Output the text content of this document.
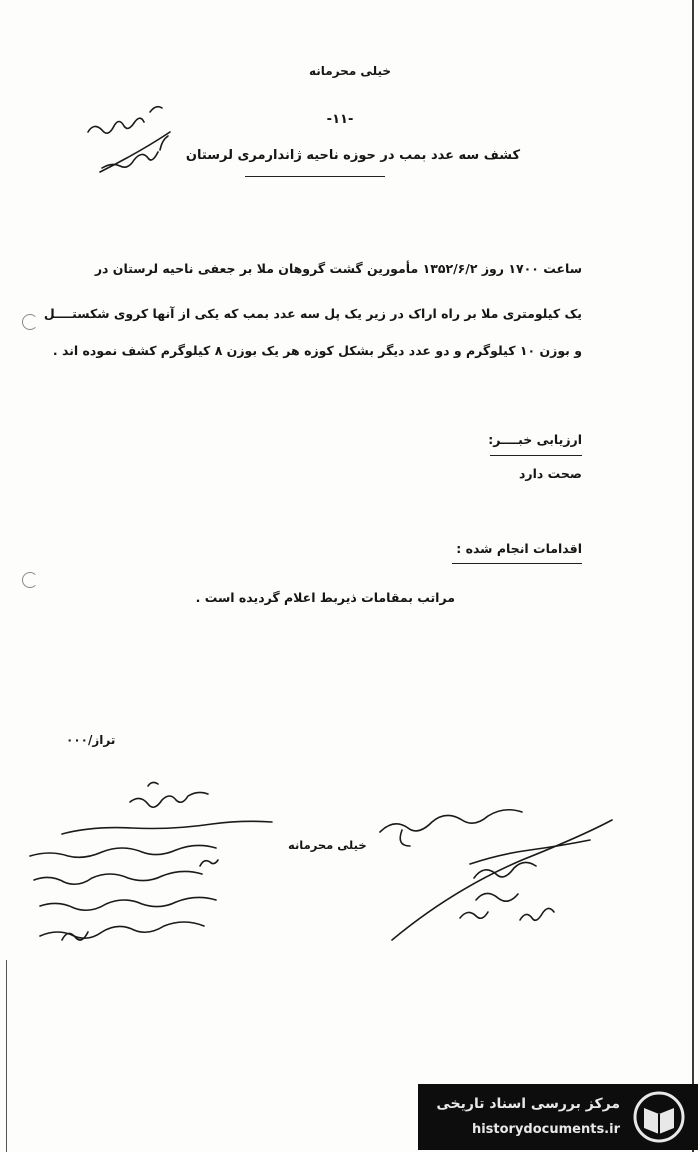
خیلی محرمانه
-۱۱-
کشف سه عدد بمب در حوزه ناحیه ژاندارمری لرستان
ساعت ۱۷۰۰ روز ۱۳۵۲/۶/۲ مأمورین گشت گروهان ملا بر جعفی ناحیه لرستان در
یک کیلومتری ملا بر راه اراک در زیر یک پل سه عدد بمب که یکی از آنها کروی شکستــــل
و بوزن ۱۰ کیلوگرم و دو عدد دیگر بشکل کوزه هر یک بوزن ۸ کیلوگرم کشف نموده اند .
ارزیابی خبــــر:
صحت دارد
اقدامات انجام شده :
مراتب بمقامات ذیربط اعلام گردیده است .
تراز/۰۰۰
خیلی محرمانه
مرکز بررسی اسناد تاریخی
historydocuments.ir
